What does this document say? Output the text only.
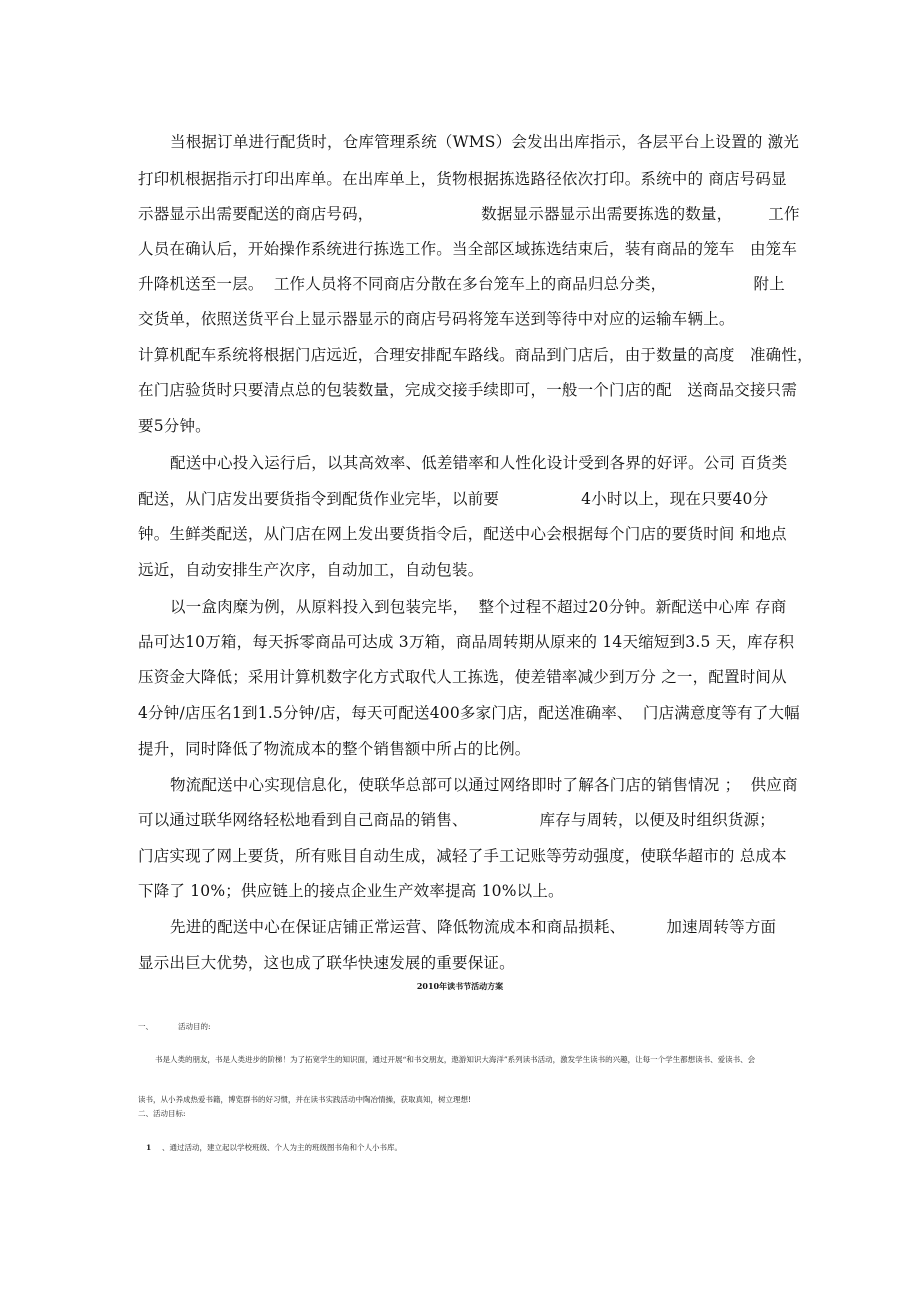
当根据订单进行配货时，仓库管理系统（WMS）会发出出库指示，各层平台上设置的 激光
打印机根据指示打印出库单。在出库单上，货物根据拣选路径依次打印。系统中的 商店号码显
示器显示出需要配送的商店号码，                     数据显示器显示出需要拣选的数量，       工作
人员在确认后，开始操作系统进行拣选工作。当全部区域拣选结束后，装有商品的笼车   由笼车
升降机送至一层。  工作人员将不同商店分散在多台笼车上的商品归总分类，                 附上
交货单，依照送货平台上显示器显示的商店号码将笼车送到等待中对应的运输车辆上。
计算机配车系统将根据门店远近，合理安排配车路线。商品到门店后，由于数量的高度   准确性，
在门店验货时只要清点总的包装数量，完成交接手续即可，一般一个门店的配   送商品交接只需
要5分钟。
配送中心投入运行后，以其高效率、低差错率和人性化设计受到各界的好评。公司 百货类
配送，从门店发出要货指令到配货作业完毕，以前要                4小时以上，现在只要40分
钟。生鲜类配送，从门店在网上发出要货指令后，配送中心会根据每个门店的要货时间 和地点
远近，自动安排生产次序，自动加工，自动包装。
以一盒肉糜为例，从原料投入到包装完毕，  整个过程不超过20分钟。新配送中心库 存商
品可达10万箱，每天拆零商品可达成 3万箱，商品周转期从原来的 14天缩短到3.5 天，库存积
压资金大降低；采用计算机数字化方式取代人工拣选，使差错率减少到万分 之一，配置时间从
4分钟/店压名1到1.5分钟/店，每天可配送400多家门店，配送准确率、  门店满意度等有了大幅
提升，同时降低了物流成本的整个销售额中所占的比例。
物流配送中心实现信息化，使联华总部可以通过网络即时了解各门店的销售情况 ；  供应商
可以通过联华网络轻松地看到自己商品的销售、              库存与周转，以便及时组织货源；
门店实现了网上要货，所有账目自动生成，减轻了手工记账等劳动强度，使联华超市的 总成本
下降了 10%；供应链上的接点企业生产效率提高 10%以上。
先进的配送中心在保证店铺正常运营、降低物流成本和商品损耗、        加速周转等方面
显示出巨大优势，这也成了联华快速发展的重要保证。
2010年读书节活动方案
一、	活动目的:
书是人类的朋友，书是人类进步的阶梯！为了拓宽学生的知识面，通过开展“和书交朋友，遨游知识大海洋”系列读书活动，激发学生读书的兴趣，让每一个学生都想读书、爱读书、会
读书，从小养成热爱书籍，博览群书的好习惯，并在读书实践活动中陶冶情操，获取真知，树立理想!
二、活动目标:
1 、通过活动，建立起以学校班级、个人为主的班级图书角和个人小书库。
